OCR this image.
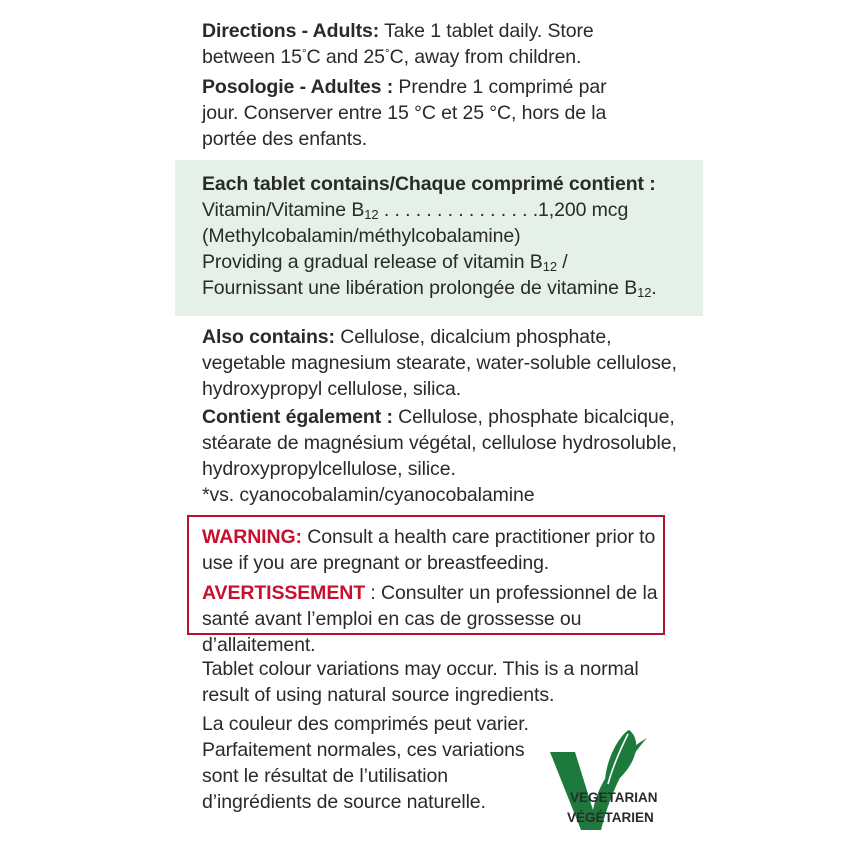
Directions - Adults: Take 1 tablet daily. Store between 15°C and 25°C, away from children.

Posologie - Adultes : Prendre 1 comprimé par jour. Conserver entre 15 °C et 25 °C, hors de la portée des enfants.

Each tablet contains/Chaque comprimé contient :
Vitamin/Vitamine $B_{12}$ . . . . . . . . . . . . . . .1,200 mcg
(Methylcobalamin/méthylcobalamine)
Providing a gradual release of vitamin $B_{12}$ /
Fournissant une libération prolongée de vitamine $B_{12}$.

Also contains: Cellulose, dicalcium phosphate, vegetable magnesium stearate, water-soluble cellulose, hydroxypropyl cellulose, silica.

Contient également : Cellulose, phosphate bicalcique, stéarate de magnésium végétal, cellulose hydrosoluble, hydroxypropylcellulose, silice.

*vs. cyanocobalamin/cyanocobalamine

WARNING: Consult a health care practitioner prior to use if you are pregnant or breastfeeding.

AVERTISSEMENT : Consulter un professionnel de la santé avant l’emploi en cas de grossesse ou d’allaitement.

Tablet colour variations may occur. This is a normal result of using natural source ingredients.

La couleur des comprimés peut varier. Parfaitement normales, ces variations sont le résultat de l’utilisation d’ingrédients de source naturelle.	VEGETARIAN
VÉGÉTARIEN
